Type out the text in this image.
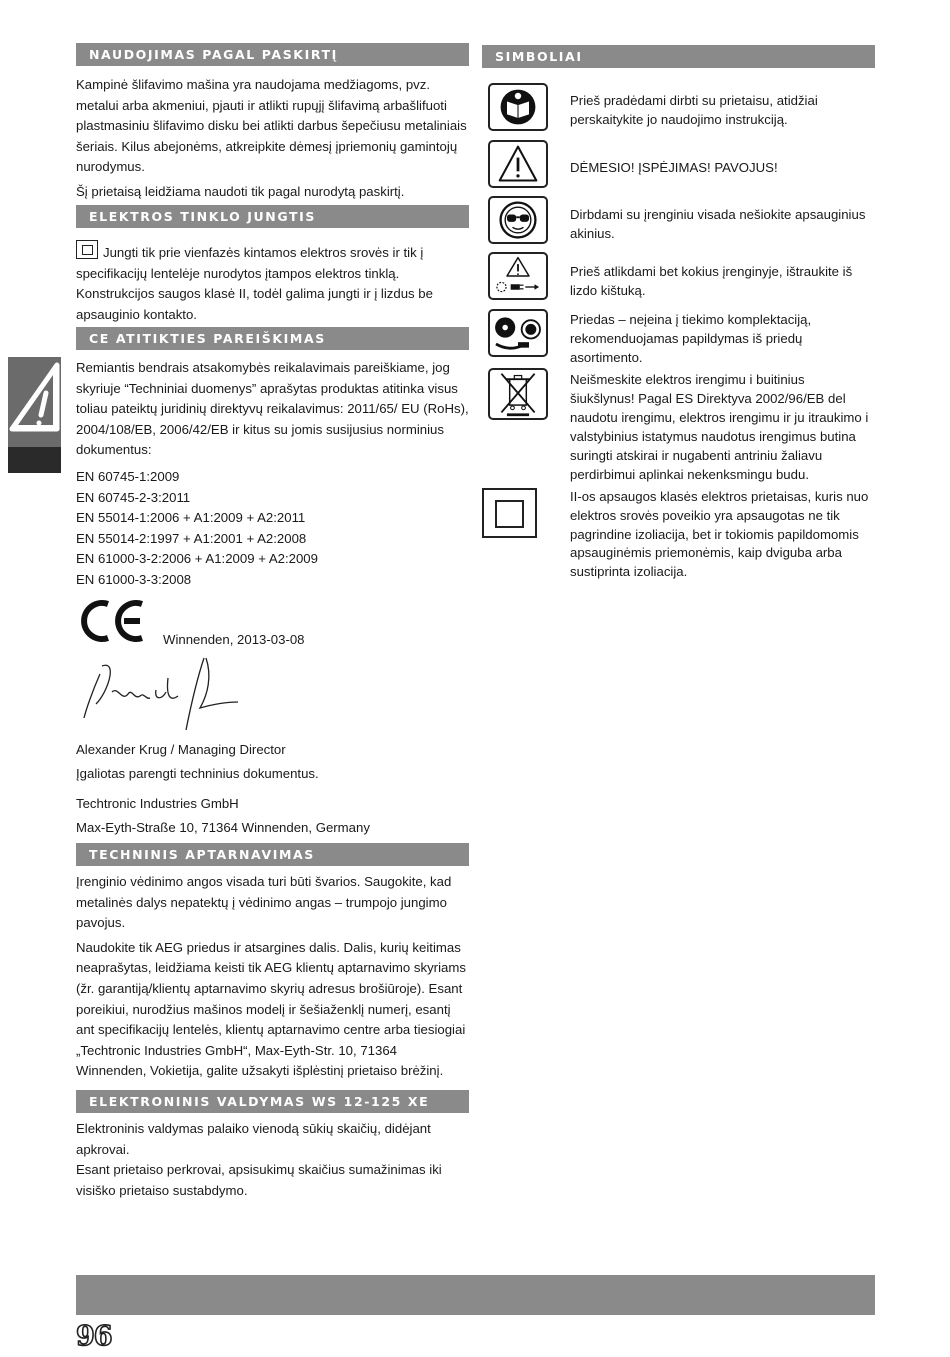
NAUDOJIMAS PAGAL PASKIRTĮ

Kampinė šlifavimo mašina yra naudojama medžiagoms, pvz. metalui arba akmeniui, pjauti ir atlikti rupųjį šlifavimą arbašlifuoti plastmasiniu šlifavimo disku bei atlikti darbus šepečiusu metaliniais šeriais. Kilus abejonėms, atkreipkite dėmesį įpriemonių gamintojų nurodymus.

Šį prietaisą leidžiama naudoti tik pagal nurodytą paskirtį.

ELEKTROS TINKLO JUNGTIS

Jungti tik prie vienfazės kintamos elektros srovės ir tik į specifikacijų lentelėje nurodytos įtampos elektros tinklą. Konstrukcijos saugos klasė II, todėl galima jungti ir į lizdus be apsauginio kontakto.

CE ATITIKTIES PAREIŠKIMAS

Remiantis bendrais atsakomybės reikalavimais pareiškiame, jog skyriuje “Techniniai duomenys” aprašytas produktas atitinka visus toliau pateiktų juridinių direktyvų reikalavimus: 2011/65/ EU (RoHs), 2004/108/EB, 2006/42/EB ir kitus su jomis susijusius norminius dokumentus:

EN 60745-1:2009
EN 60745-2-3:2011
EN 55014-1:2006 + A1:2009 + A2:2011
EN 55014-2:1997 + A1:2001 + A2:2008
EN 61000-3-2:2006 + A1:2009 + A2:2009
EN 61000-3-3:2008
Winnenden, 2013-03-08

Alexander Krug / Managing Director

Įgaliotas parengti techninius dokumentus.

Techtronic Industries GmbH

Max-Eyth-Straße 10, 71364 Winnenden, Germany

TECHNINIS APTARNAVIMAS

Įrenginio vėdinimo angos visada turi būti švarios. Saugokite, kad metalinės dalys nepatektų į vėdinimo angas – trumpojo jungimo pavojus.

Naudokite tik AEG priedus ir atsargines dalis. Dalis, kurių keitimas neaprašytas, leidžiama keisti tik AEG klientų aptarnavimo skyriams (žr. garantiją/klientų aptarnavimo skyrių adresus brošiūroje). Esant poreikiui, nurodžius mašinos modelį ir šešiaženklį numerį, esantį ant specifikacijų lentelės, klientų aptarnavimo centre arba tiesiogiai „Techtronic Industries GmbH“, Max-Eyth-Str. 10, 71364 Winnenden, Vokietija, galite užsakyti išplėstinį prietaiso brėžinį.

ELEKTRONINIS VALDYMAS WS 12-125 XE

Elektroninis valdymas palaiko vienodą sūkių skaičių, didėjant apkrovai.

Esant prietaiso perkrovai, apsisukimų skaičius sumažinimas iki visiško prietaiso sustabdymo.

SIMBOLIAI
Prieš pradėdami dirbti su prietaisu, atidžiai perskaitykite jo naudojimo instrukciją.
DĖMESIO! ĮSPĖJIMAS! PAVOJUS!
Dirbdami su įrenginiu visada nešiokite apsauginius akinius.
Prieš atlikdami bet kokius įrenginyje, ištraukite iš lizdo kištuką.
Priedas – neįeina į tiekimo komplektaciją, rekomenduojamas papildymas iš priedų asortimento.
Neišmeskite elektros irengimu i buitinius šiukšlynus! Pagal ES Direktyva 2002/96/EB del naudotu irengimu, elektros irengimu ir ju itraukimo i valstybinius istatymus naudotus irengimus butina suringti atskirai ir nugabenti antriniu žaliavu perdirbimui aplinkai nekenksmingu budu.
II-os apsaugos klasės elektros prietaisas, kuris nuo elektros srovės poveikio yra apsaugotas ne tik pagrindine izoliacija, bet ir tokiomis papildomomis apsauginėmis priemonėmis, kaip dviguba arba sustiprinta izoliacija.
96
